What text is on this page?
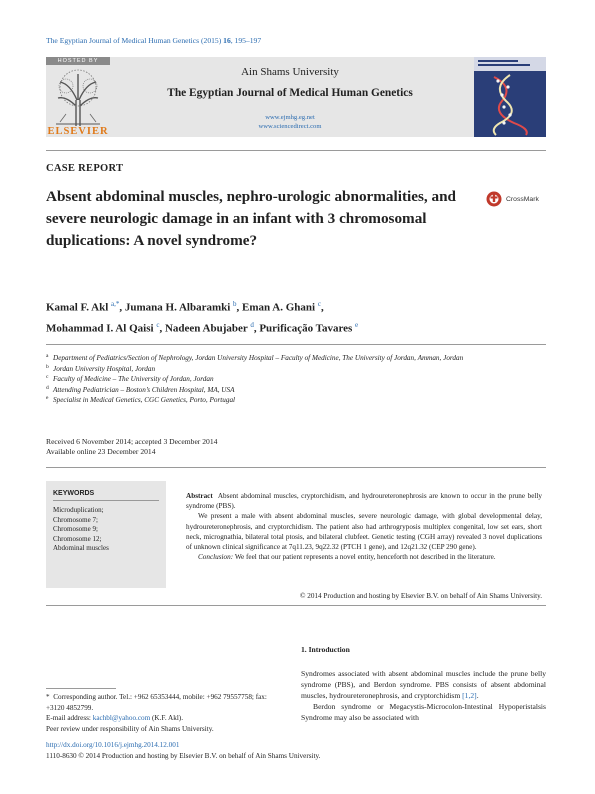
The Egyptian Journal of Medical Human Genetics (2015) 16, 195–197
HOSTED BY
ELSEVIER
Ain Shams University
The Egyptian Journal of Medical Human Genetics
www.ejmhg.eg.net
www.sciencedirect.com
CASE REPORT
Absent abdominal muscles, nephro-urologic abnormalities, and severe neurologic damage in an infant with 3 chromosomal duplications: A novel syndrome?
CrossMark
Kamal F. Akl $^{a,*}$, Jumana H. Albaramki $^b$, Eman A. Ghani $^c$,
Mohammad I. Al Qaisi $^c$, Nadeen Abujaber $^d$, Purificação Tavares $^e$
a Department of Pediatrics/Section of Nephrology, Jordan University Hospital – Faculty of Medicine, The University of Jordan, Amman, Jordan
b Jordan University Hospital, Jordan
c Faculty of Medicine – The University of Jordan, Jordan
d Attending Pediatrician – Boston’s Children Hospital, MA, USA
e Specialist in Medical Genetics, CGC Genetics, Porto, Portugal
Received 6 November 2014; accepted 3 December 2014
Available online 23 December 2014
KEYWORDS
Microduplication;
Chromosome 7;
Chromosome 9;
Chromosome 12;
Abdominal muscles

Abstract Absent abdominal muscles, cryptorchidism, and hydroureteronephrosis are known to occur in the prune belly syndrome (PBS).

We present a male with absent abdominal muscles, severe neurologic damage, with global developmental delay, hydroureteronephrosis, and cryptorchidism. The patient also had arthrogryposis multiplex congenital, low set ears, short neck, micrognathia, bilateral total ptosis, and bilateral clubfeet. Genetic testing (CGH array) revealed 3 novel duplications of unknown clinical significance at 7q11.23, 9q22.32 (PTCH 1 gene), and 12q21.32 (CEP 290 gene).

Conclusion: We feel that our patient represents a novel entity, henceforth not described in the literature.

© 2014 Production and hosting by Elsevier B.V. on behalf of Ain Shams University.
1. Introduction

Syndromes associated with absent abdominal muscles include the prune belly syndrome (PBS), and Berdon syndrome. PBS consists of absent abdominal muscles, hydroureteronephrosis, and cryptorchidism [1,2].

Berdon syndrome or Megacystis-Microcolon-Intestinal Hypoperistalsis Syndrome may also be associated with

*  Corresponding author. Tel.: +962 65353444, mobile: +962 79557758; fax: +3120 4852799.
E-mail address: kachbl@yahoo.com (K.F. Akl).
Peer review under responsibility of Ain Shams University.
http://dx.doi.org/10.1016/j.ejmhg.2014.12.001
1110-8630 © 2014 Production and hosting by Elsevier B.V. on behalf of Ain Shams University.
